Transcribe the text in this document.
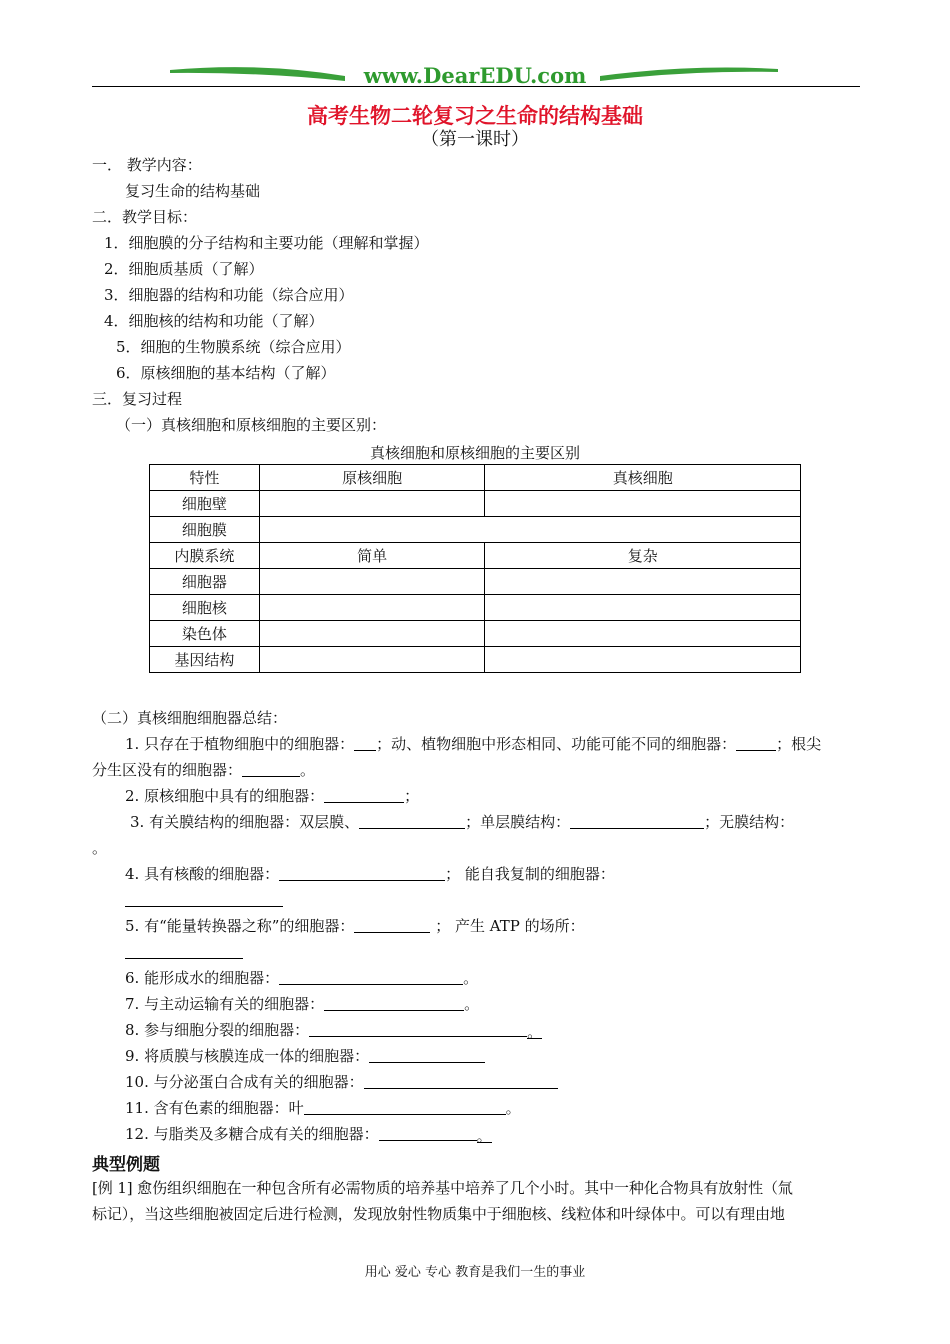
www.DearEDU.com
高考生物二轮复习之生命的结构基础
（第一课时）
一． 教学内容：
复习生命的结构基础
二．教学目标：
1．细胞膜的分子结构和主要功能（理解和掌握）
2．细胞质基质（了解）
3．细胞器的结构和功能（综合应用）
4．细胞核的结构和功能（了解）
5．细胞的生物膜系统（综合应用）
6．原核细胞的基本结构（了解）
三．复习过程
（一）真核细胞和原核细胞的主要区别：
真核细胞和原核细胞的主要区别
特性	原核细胞	真核细胞
细胞壁		
细胞膜		
内膜系统	简单	复杂
细胞器		
细胞核		
染色体		
基因结构		
（二）真核细胞细胞器总结：
1. 只存在于植物细胞中的细胞器： ；动、植物细胞中形态相同、功能可能不同的细胞器：	；根尖
分生区没有的细胞器：	。
2. 原核细胞中具有的细胞器：	；
3. 有关膜结构的细胞器：双层膜、	；单层膜结构：	；无膜结构：
。
4. 具有核酸的细胞器：	； 能自我复制的细胞器：
5. 有“能量转换器之称”的细胞器：	； 产生 ATP 的场所：
6. 能形成水的细胞器：	。
7. 与主动运输有关的细胞器：	。
8. 参与细胞分裂的细胞器：	。
9. 将质膜与核膜连成一体的细胞器：
10. 与分泌蛋白合成有关的细胞器：
11. 含有色素的细胞器：叶	。
12. 与脂类及多糖合成有关的细胞器：	。
典型例题
[例 1] 愈伤组织细胞在一种包含所有必需物质的培养基中培养了几个小时。其中一种化合物具有放射性（氚
标记），当这些细胞被固定后进行检测，发现放射性物质集中于细胞核、线粒体和叶绿体中。可以有理由地
用心 爱心 专心 教育是我们一生的事业
